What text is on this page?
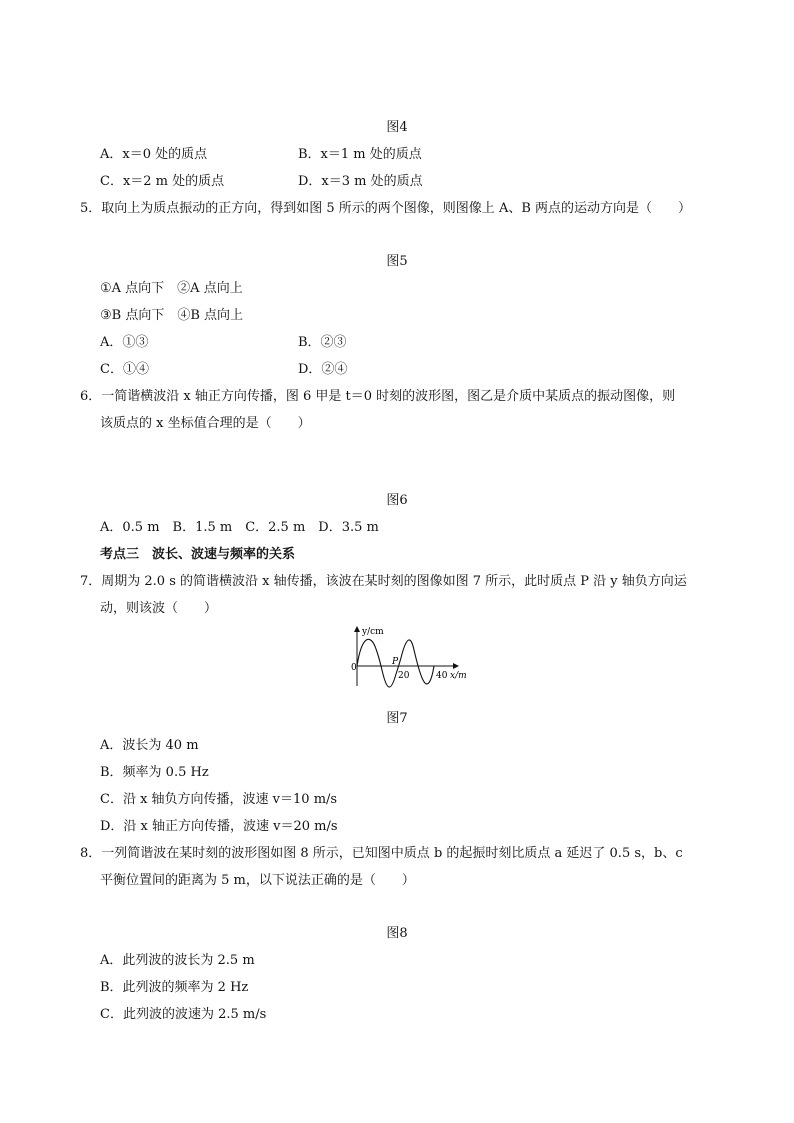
图4
A．x＝0 处的质点	B．x＝1 m 处的质点
C．x＝2 m 处的质点	D．x＝3 m 处的质点
5．取向上为质点振动的正方向，得到如图 5 所示的两个图像，则图像上 A、B 两点的运动方向是（　　）
图5
①A 点向下　②A 点向上
③B 点向下　④B 点向上
A．①③	B．②③
C．①④	D．②④
6．一简谐横波沿 x 轴正方向传播，图 6 甲是 t＝0 时刻的波形图，图乙是介质中某质点的振动图像，则
该质点的 x 坐标值合理的是（　　）
图6
A．0.5 m　B．1.5 m　C．2.5 m　D．3.5 m
考点三　波长、波速与频率的关系
7．周期为 2.0 s 的简谐横波沿 x 轴传播，该波在某时刻的图像如图 7 所示，此时质点 P 沿 y 轴负方向运
动，则该波（　　）
y/cm
0
P
20	40 x/m
图7
A．波长为 40 m
B．频率为 0.5 Hz
C．沿 x 轴负方向传播，波速 v＝10 m/s
D．沿 x 轴正方向传播，波速 v＝20 m/s
8．一列简谐波在某时刻的波形图如图 8 所示，已知图中质点 b 的起振时刻比质点 a 延迟了 0.5 s，b、c
平衡位置间的距离为 5 m，以下说法正确的是（　　）
图8
A．此列波的波长为 2.5 m
B．此列波的频率为 2 Hz
C．此列波的波速为 2.5 m/s
